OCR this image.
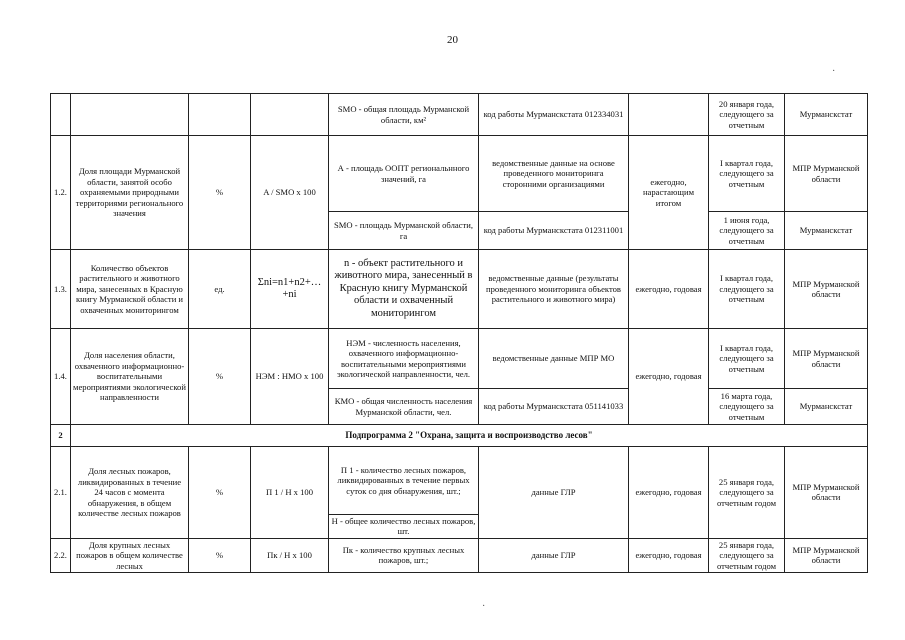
20
				SMO - общая площадь Мурманской области, км²	код работы Мурманскстата 012334031		20 января года, следующего за отчетным	Мурманскстат
1.2.	Доля площади Мурманской области, занятой особо охраняемыми природными территориями регионального значения	%	A / SMO x 100	А - площадь ООПТ региональнного значений, га	ведомственные данные на основе проведенного мониторинга сторонними организациями	ежегодно, нарастающим итогом	I квартал года, следующего за отчетным	МПР Мурманской области
				SMO - площадь Мурманской области, га	код работы Мурманскстата 012311001		1 июня года, следующего за отчетным	Мурманскстат
1.3.	Количество объектов растительного и животного мира, занесенных в Красную книгу Мурманской области и охваченных мониторингом	ед.	Σni=n1+n2+…+ni	n - объект растительного и животного мира, занесенный в Красную книгу Мурманской области и охваченный мониторингом	ведомственные данные (результаты проведенного мониторинга объектов растительного и животного мира)	ежегодно, годовая	I квартал года, следующего за отчетным	МПР Мурманской области
1.4.	Доля населения области, охваченного информационно-воспитательными мероприятиями экологической направленности	%	НЭМ : НМО х 100	НЭМ - численность населения, охваченного информационно-воспитательными мероприятиями экологической направленности, чел.	ведомственные данные МПР МО	ежегодно, годовая	I квартал года, следующего за отчетным	МПР Мурманской области
				КМО - общая численность населения Мурманской области, чел.	код работы Мурманскстата 051141033		16 марта года, следующего за отчетным	Мурманскстат
2	Подпрограмма 2 "Охрана, защита и воспроизводство лесов"							
2.1.	Доля лесных пожаров, ликвидированных в течение 24 часов с момента обнаружения, в общем количестве лесных пожаров	%	П 1 / Н х 100	П 1 - количество лесных пожаров, ликвидированных в течение первых суток со дня обнаружения, шт.;	данные ГЛР	ежегодно, годовая	25 января года, следующего за отчетным годом	МПР Мурманской области
				Н - общее количество лесных пожаров, шт.				
2.2.	Доля крупных лесных пожаров в общем количестве лесных	%	Пк / Н х 100	Пк - количество крупных лесных пожаров, шт.;	данные ГЛР	ежегодно, годовая	25 января года, следующего за отчетным годом	МПР Мурманской области
·
·
